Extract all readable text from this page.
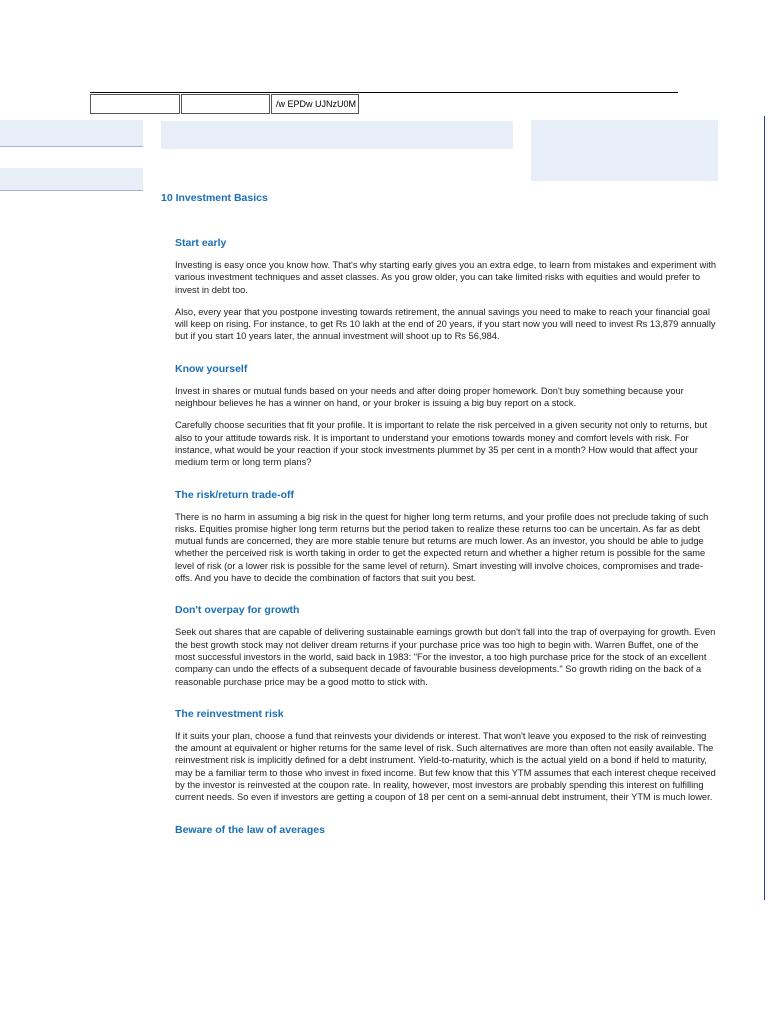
/w EPDw UJNzU0M
10 Investment Basics
Start early

Investing is easy once you know how. That's why starting early gives you an extra edge, to learn from mistakes and experiment with various investment techniques and asset classes. As you grow older, you can take limited risks with equities and would prefer to invest in debt too.

Also, every year that you postpone investing towards retirement, the annual savings you need to make to reach your financial goal will keep on rising. For instance, to get Rs 10 lakh at the end of 20 years, if you start now you will need to invest Rs 13,879 annually but if you start 10 years later, the annual investment will shoot up to Rs 56,984.

Know yourself

Invest in shares or mutual funds based on your needs and after doing proper homework. Don't buy something because your neighbour believes he has a winner on hand, or your broker is issuing a big buy report on a stock.

Carefully choose securities that fit your profile. It is important to relate the risk perceived in a given security not only to returns, but also to your attitude towards risk. It is important to understand your emotions towards money and comfort levels with risk. For instance, what would be your reaction if your stock investments plummet by 35 per cent in a month? How would that affect your medium term or long term plans?

The risk/return trade-off

There is no harm in assuming a big risk in the quest for higher long term returns, and your profile does not preclude taking of such risks. Equities promise higher long term returns but the period taken to realize these returns too can be uncertain. As far as debt mutual funds are concerned, they are more stable tenure but returns are much lower. As an investor, you should be able to judge whether the perceived risk is worth taking in order to get the expected return and whether a higher return is possible for the same level of risk (or a lower risk is possible for the same level of return). Smart investing will involve choices, compromises and trade-offs. And you have to decide the combination of factors that suit you best.

Don't overpay for growth

Seek out shares that are capable of delivering sustainable earnings growth but don't fall into the trap of overpaying for growth. Even the best growth stock may not deliver dream returns if your purchase price was too high to begin with. Warren Buffet, one of the most successful investors in the world, said back in 1983: "For the investor, a too high purchase price for the stock of an excellent company can undo the effects of a subsequent decade of favourable business developments." So growth riding on the back of a reasonable purchase price may be a good motto to stick with.

The reinvestment risk

If it suits your plan, choose a fund that reinvests your dividends or interest. That won't leave you exposed to the risk of reinvesting the amount at equivalent or higher returns for the same level of risk. Such alternatives are more than often not easily available. The reinvestment risk is implicitly defined for a debt instrument. Yield-to-maturity, which is the actual yield on a bond if held to maturity, may be a familiar term to those who invest in fixed income. But few know that this YTM assumes that each interest cheque received by the investor is reinvested at the coupon rate. In reality, however, most investors are probably spending this interest on fulfilling current needs. So even if investors are getting a coupon of 18 per cent on a semi-annual debt instrument, their YTM is much lower.

Beware of the law of averages
